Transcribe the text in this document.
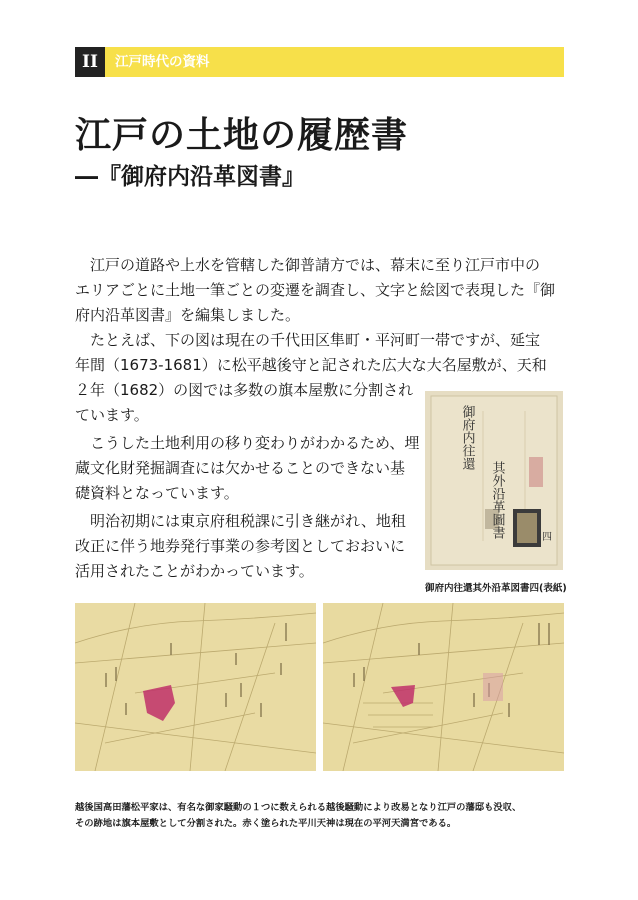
II	江戸時代の資料
江戸の土地の履歴書
―『御府内沿革図書』
　江戸の道路や上水を管轄した御普請方では、幕末に至り江戸市中の
エリアごとに土地一筆ごとの変遷を調査し、文字と絵図で表現した『御
府内沿革図書』を編集しました。
　たとえば、下の図は現在の千代田区隼町・平河町一帯ですが、延宝
年間（1673-1681）に松平越後守と記された広大な大名屋敷が、天和
２年（1682）の図では多数の旗本屋敷に分割され
ています。
　こうした土地利用の移り変わりがわかるため、埋
蔵文化財発掘調査には欠かせることのできない基
礎資料となっています。
　明治初期には東京府租税課に引き継がれ、地租
改正に伴う地券発行事業の参考図としておおいに
活用されたことがわかっています。
御府内往還
其外沿革圖書	四
御府内往還其外沿革図書四(表紙)
越後国高田藩松平家は、有名な御家騒動の１つに数えられる越後騒動により改易となり江戸の藩邸も没収、
その跡地は旗本屋敷として分割された。赤く塗られた平川天神は現在の平河天満宮である。
